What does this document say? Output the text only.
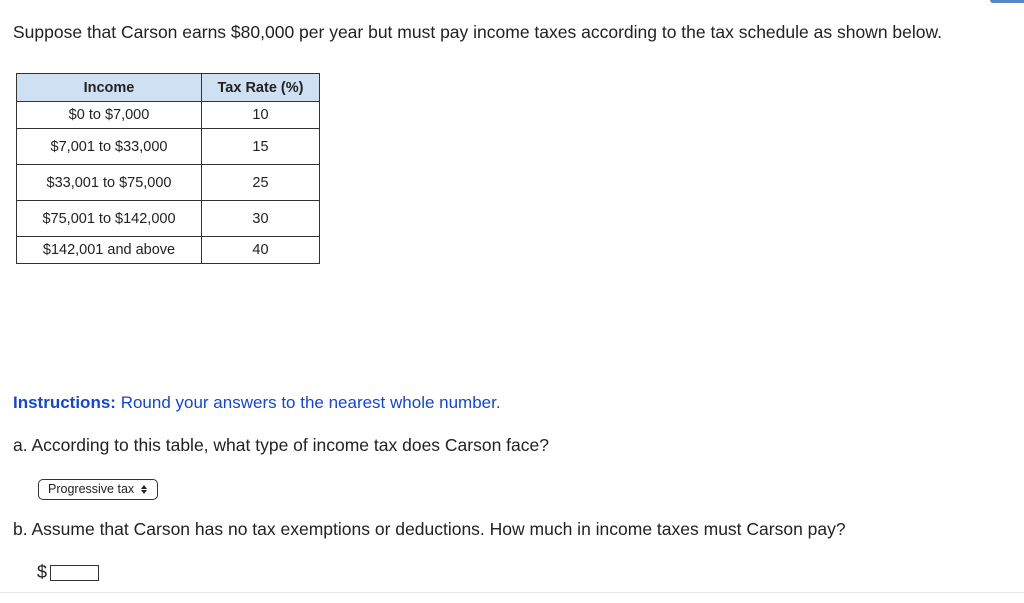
Suppose that Carson earns $80,000 per year but must pay income taxes according to the tax schedule as shown below.
Income	Tax Rate (%)
$0 to $7,000	10
$7,001 to $33,000	15
$33,001 to $75,000	25
$75,001 to $142,000	30
$142,001 and above	40
Instructions: Round your answers to the nearest whole number.
a. According to this table, what type of income tax does Carson face?
Progressive tax
b. Assume that Carson has no tax exemptions or deductions. How much in income taxes must Carson pay?
$
